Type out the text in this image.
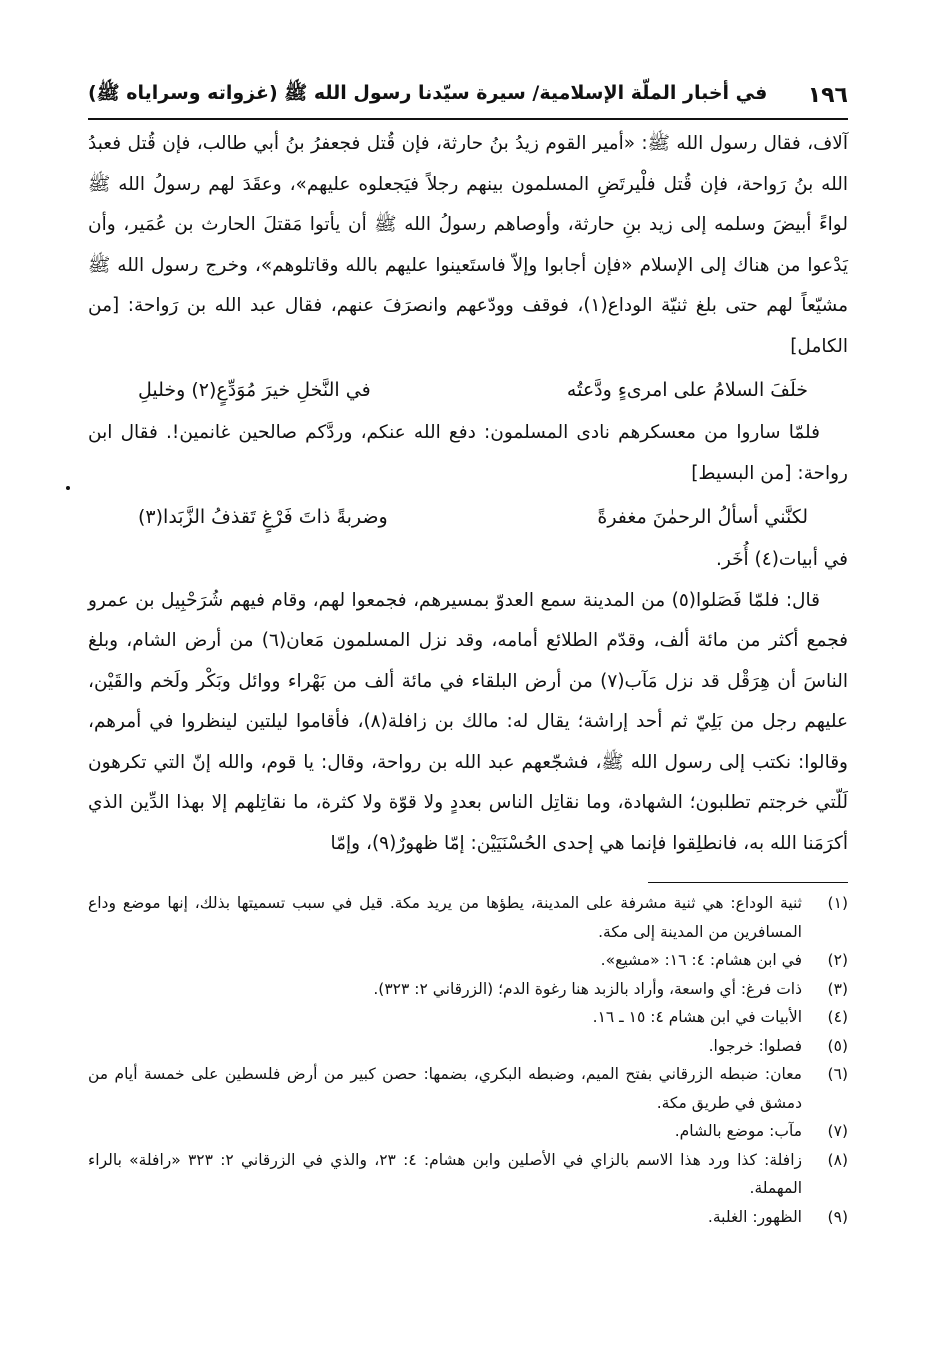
١٩٦
في أخبار الملّة الإسلامية/ سيرة سيّدنا رسول الله ﷺ (غزواته وسراياه ﷺ)

آلاف، فقال رسول الله ﷺ: «أمير القوم زيدُ بنُ حارثة، فإن قُتل فجعفرُ بنُ أبي طالب، فإن قُتل فعبدُ الله بنُ رَواحة، فإن قُتل فلْيرتَضِ المسلمون بينهم رجلاً فيَجعلوه عليهم»، وعقَدَ لهم رسولُ الله ﷺ لواءً أبيضَ وسلمه إلى زيد بنِ حارثة، وأوصاهم رسولُ الله ﷺ أن يأتوا مَقتلَ الحارث بن عُمَير، وأن يَدْعوا من هناك إلى الإسلام «فإن أجابوا وإلاّ فاستَعينوا عليهم بالله وقاتلوهم»، وخرج رسول الله ﷺ مشيّعاً لهم حتى بلغ ثنيّة الوداع(١)، فوقف وودّعهم وانصرَفَ عنهم، فقال عبد الله بن رَواحة: [من الكامل]

خلَفَ السلامُ على امرىءٍ ودَّعتُه
في النَّخلِ خيرَ مُوَدِّعٍ(٢) وخليلِ

فلمّا ساروا من معسكرهم نادى المسلمون: دفع الله عنكم، وردَّكم صالحين غانمين!. فقال ابن رواحة: [من البسيط]

لكنَّني أسألُ الرحمٰنَ مغفرةً
وضربةً ذاتَ فَرْغٍ تَقذفُ الزَّبَدا(٣)

في أبيات(٤) أُخَر.

قال: فلمّا فَصَلوا(٥) من المدينة سمع العدوّ بمسيرهم، فجمعوا لهم، وقام فيهم شُرَحْبِيل بن عمرو فجمع أكثر من مائة ألف، وقدّم الطلائع أمامه، وقد نزل المسلمون مَعان(٦) من أرض الشام، وبلغ الناسَ أن هِرَقْل قد نزل مَآب(٧) من أرض البلقاء في مائة ألف من بَهْراء ووائل وبَكْر ولَخم والقَيْن، عليهم رجل من بَلِيّ ثم أحد إراشة؛ يقال له: مالك بن زافلة(٨)، فأقاموا ليلتين لينظروا في أمرهم، وقالوا: نكتب إلى رسول الله ﷺ، فشجّعهم عبد الله بن رواحة، وقال: يا قوم، والله إنّ التي تكرهون لَلّتي خرجتم تطلبون؛ الشهادة، وما نقاتِل الناس بعددٍ ولا قوّة ولا كثرة، ما نقاتِلهم إلا بهذا الدِّين الذي أكرَمَنا الله به، فانطلِقوا فإنما هي إحدى الحُسْنَيَيْن: إمّا ظهورٌ(٩)، وإمّا

(١)
ثنية الوداع: هي ثنية مشرفة على المدينة، يطؤها من يريد مكة. قيل في سبب تسميتها بذلك، إنها موضع وداع المسافرين من المدينة إلى مكة.
(٢)
في ابن هشام: ٤: ١٦: «مشيع».
(٣)
ذات فرغ: أي واسعة، وأراد بالزبد هنا رغوة الدم؛ (الزرقاني ٢: ٣٢٣).
(٤)
الأبيات في ابن هشام ٤: ١٥ ـ ١٦.
(٥)
فصلوا: خرجوا.
(٦)
معان: ضبطه الزرقاني بفتح الميم، وضبطه البكري، بضمها: حصن كبير من أرض فلسطين على خمسة أيام من دمشق في طريق مكة.
(٧)
مآب: موضع بالشام.
(٨)
زافلة: كذا ورد هذا الاسم بالزاي في الأصلين وابن هشام: ٤: ٢٣، والذي في الزرقاني ٢: ٣٢٣ «رافلة» بالراء المهملة.
(٩)
الظهور: الغلبة.
